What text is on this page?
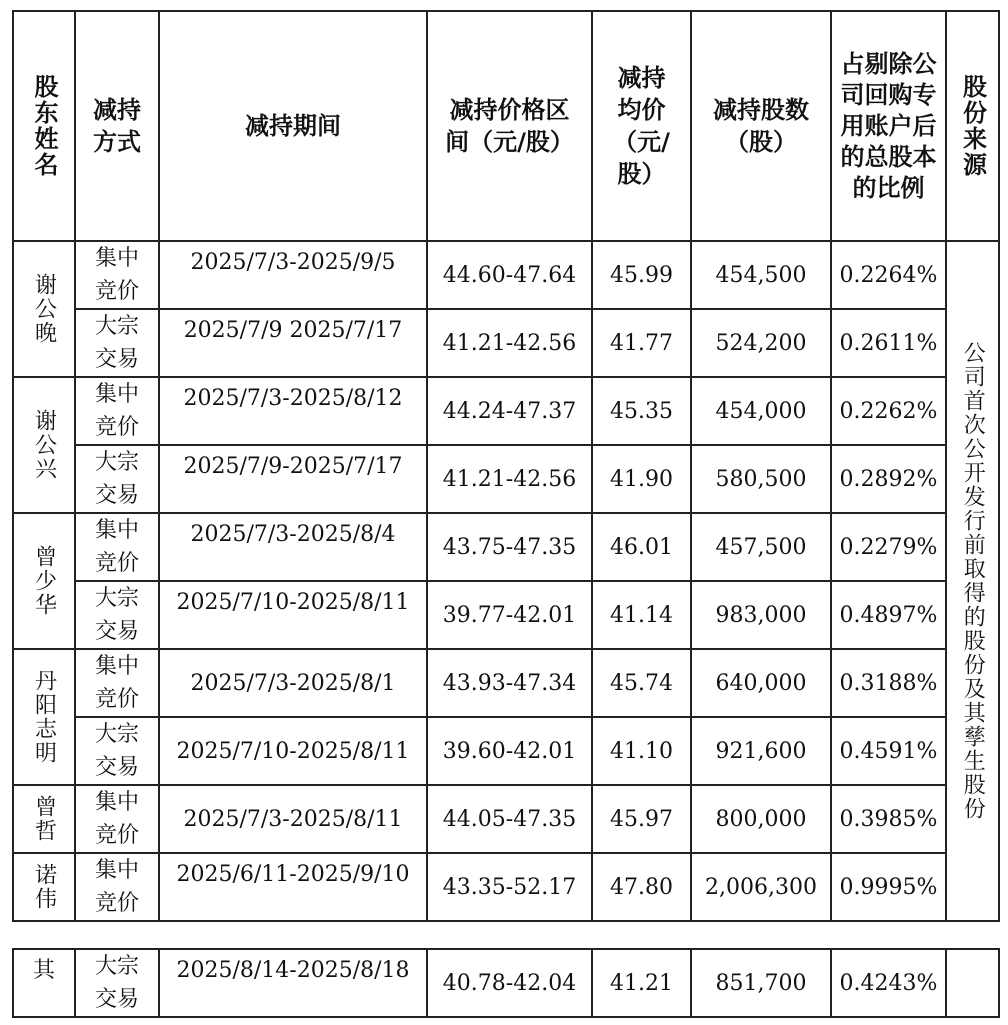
股东姓名	减持方式	减持期间	减持价格区间（元/股）	减持均价（元/股）	减持股数（股）	占剔除公司回购专用账户后的总股本的比例	股份来源

谢公晚	集中竞价	2025/7/3-2025/9/5	44.60-47.64	45.99	454,500	0.2264%	公司首次公开发行前取得的股份及其孳生股份

	大宗交易	2025/7/9 2025/7/17	41.21-42.56	41.77	524,200	0.2611%	

谢公兴	集中竞价	2025/7/3-2025/8/12	44.24-47.37	45.35	454,000	0.2262%	
	大宗交易	2025/7/9-2025/7/17	41.21-42.56	41.90	580,500	0.2892%	

曾少华	集中竞价	2025/7/3-2025/8/4	43.75-47.35	46.01	457,500	0.2279%	
	大宗交易	2025/7/10-2025/8/11	39.77-42.01	41.14	983,000	0.4897%	

丹阳志明	集中竞价	2025/7/3-2025/8/1	43.93-47.34	45.74	640,000	0.3188%	
	大宗交易	2025/7/10-2025/8/11	39.60-42.01	41.10	921,600	0.4591%	

曾哲	集中竞价	2025/7/3-2025/8/11	44.05-47.35	45.97	800,000	0.3985%	

诺伟	集中竞价	2025/6/11-2025/9/10	43.35-52.17	47.80	2,006,300	0.9995%	
其	大宗交易	2025/8/14-2025/8/18	40.78-42.04	41.21	851,700	0.4243%	
